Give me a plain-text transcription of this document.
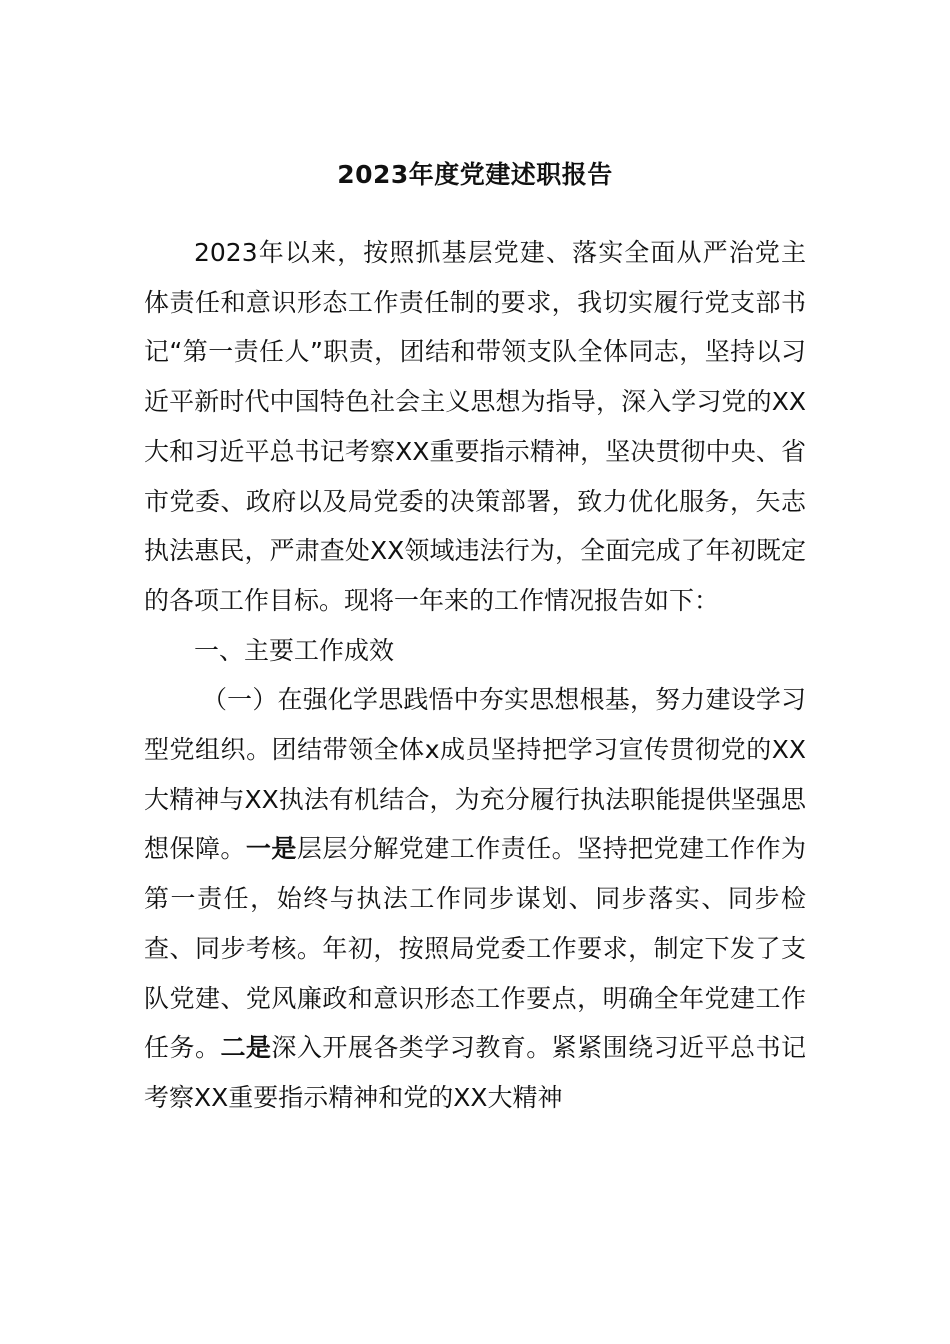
2023年度党建述职报告

2023年以来，按照抓基层党建、落实全面从严治党主体责任和意识形态工作责任制的要求，我切实履行党支部书记“第一责任人”职责，团结和带领支队全体同志，坚持以习近平新时代中国特色社会主义思想为指导，深入学习党的XX大和习近平总书记考察XX重要指示精神，坚决贯彻中央、省市党委、政府以及局党委的决策部署，致力优化服务，矢志执法惠民，严肃查处XX领域违法行为，全面完成了年初既定的各项工作目标。现将一年来的工作情况报告如下：

一、主要工作成效

（一）在强化学思践悟中夯实思想根基，努力建设学习型党组织。团结带领全体x成员坚持把学习宣传贯彻党的XX大精神与XX执法有机结合，为充分履行执法职能提供坚强思想保障。一是层层分解党建工作责任。坚持把党建工作作为第一责任，始终与执法工作同步谋划、同步落实、同步检查、同步考核。年初，按照局党委工作要求，制定下发了支队党建、党风廉政和意识形态工作要点，明确全年党建工作任务。二是深入开展各类学习教育。紧紧围绕习近平总书记考察XX重要指示精神和党的XX大精神
